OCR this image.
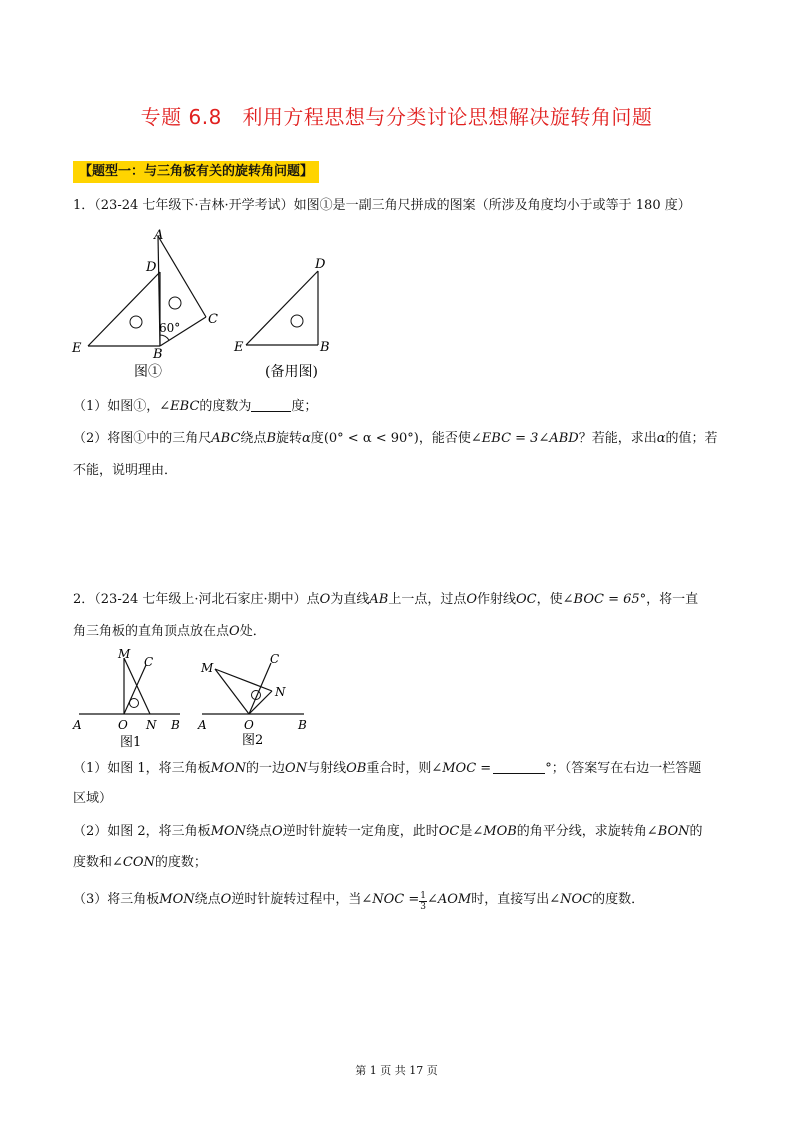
专题 6.8　利用方程思想与分类讨论思想解决旋转角问题
【题型一：与三角板有关的旋转角问题】
1．（23-24 七年级下·吉林·开学考试）如图①是一副三角尺拼成的图案（所涉及角度均小于或等于 180 度）
A
D
C
E	B
60°
图①
D
E	B
(备用图)
（1）如图①，∠EBC的度数为	度；
（2）将图①中的三角尺ABC绕点B旋转α度(0° < α < 90°)，能否使∠EBC = 3∠ABD？若能，求出α的值；若
不能，说明理由．
2．（23-24 七年级上·河北石家庄·期中）点O为直线AB上一点，过点O作射线OC，使∠BOC = 65°，将一直
角三角板的直角顶点放在点O处．
M
C
A	O N B
图1
M
C
N
A	O	B
图2
（1）如图 1，将三角板MON的一边ON与射线OB重合时，则∠MOC =	°；（答案写在右边一栏答题
区域）
（2）如图 2，将三角板MON绕点O逆时针旋转一定角度，此时OC是∠MOB的角平分线，求旋转角∠BON的
度数和∠CON的度数；
（3）将三角板MON绕点O逆时针旋转过程中，当∠NOC = $\frac{1}{3}$ ∠AOM时，直接写出∠NOC的度数．
第 1 页 共 17 页
